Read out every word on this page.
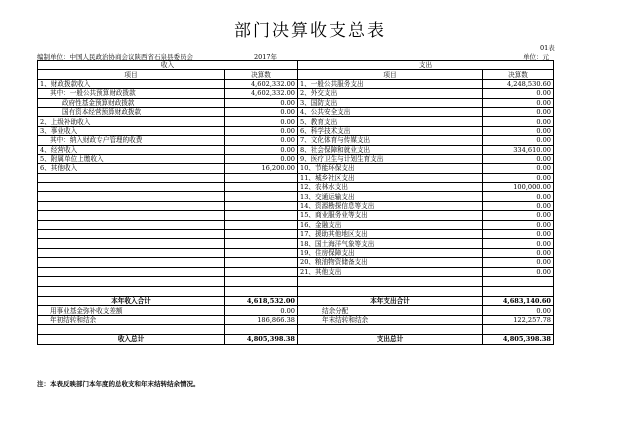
部门决算收支总表
01表
编制单位：中国人民政治协商会议陕西省石泉县委员会	2017年	单位：元
收入		支出	
项目	决算数	项目	决算数
1、财政拨款收入	4,602,332.00	1、一般公共服务支出	4,248,530.60
其中：一般公共预算财政拨款	4,602,332.00	2、外交支出	0.00
政府性基金预算财政拨款	0.00	3、国防支出	0.00
国有资本经营预算财政拨款	0.00	4、公共安全支出	0.00
2、上级补助收入	0.00	5、教育支出	0.00
3、事业收入	0.00	6、科学技术支出	0.00
其中：纳入财政专户管理的收费	0.00	7、文化体育与传媒支出	0.00
4、经营收入	0.00	8、社会保障和就业支出	334,610.00
5、附属单位上缴收入	0.00	9、医疗卫生与计划生育支出	0.00
6、其他收入	16,200.00	10、节能环保支出	0.00
		11、城乡社区支出	0.00
		12、农林水支出	100,000.00
		13、交通运输支出	0.00
		14、资源勘探信息等支出	0.00
		15、商业服务业等支出	0.00
		16、金融支出	0.00
		17、援助其他地区支出	0.00
		18、国土海洋气象等支出	0.00
		19、住房保障支出	0.00
		20、粮油物资储备支出	0.00
		21、其他支出	0.00

本年收入合计	4,618,532.00	本年支出合计	4,683,140.60
用事业基金弥补收支差额	0.00	结余分配	0.00
年初结转和结余	186,866.38	年末结转和结余	122,257.78

收入总计	4,805,398.38	支出总计	4,805,398.38
注：本表反映部门本年度的总收支和年末结转结余情况。
